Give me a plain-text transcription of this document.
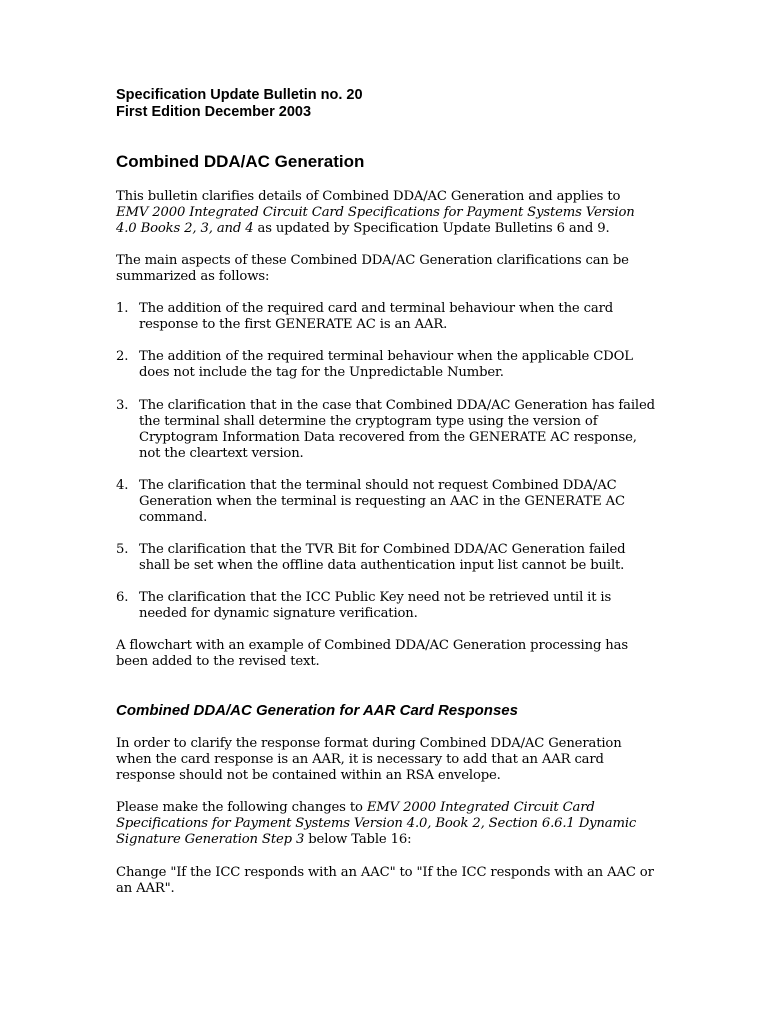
Specification Update Bulletin no. 20
First Edition December 2003
Combined DDA/AC Generation

This bulletin clarifies details of Combined DDA/AC Generation and applies to EMV 2000 Integrated Circuit Card Specifications for Payment Systems Version 4.0 Books 2, 3, and 4 as updated by Specification Update Bulletins 6 and 9.

The main aspects of these Combined DDA/AC Generation clarifications can be summarized as follows:

1. The addition of the required card and terminal behaviour when the card response to the first GENERATE AC is an AAR.
2. The addition of the required terminal behaviour when the applicable CDOL does not include the tag for the Unpredictable Number.
3. The clarification that in the case that Combined DDA/AC Generation has failed the terminal shall determine the cryptogram type using the version of Cryptogram Information Data recovered from the GENERATE AC response, not the cleartext version.
4. The clarification that the terminal should not request Combined DDA/AC Generation when the terminal is requesting an AAC in the GENERATE AC command.
5. The clarification that the TVR Bit for Combined DDA/AC Generation failed shall be set when the offline data authentication input list cannot be built.
6. The clarification that the ICC Public Key need not be retrieved until it is needed for dynamic signature verification.

A flowchart with an example of Combined DDA/AC Generation processing has been added to the revised text.

Combined DDA/AC Generation for AAR Card Responses

In order to clarify the response format during Combined DDA/AC Generation when the card response is an AAR, it is necessary to add that an AAR card response should not be contained within an RSA envelope.

Please make the following changes to EMV 2000 Integrated Circuit Card Specifications for Payment Systems Version 4.0, Book 2, Section 6.6.1 Dynamic Signature Generation Step 3 below Table 16:

Change "If the ICC responds with an AAC" to "If the ICC responds with an AAC or an AAR".
